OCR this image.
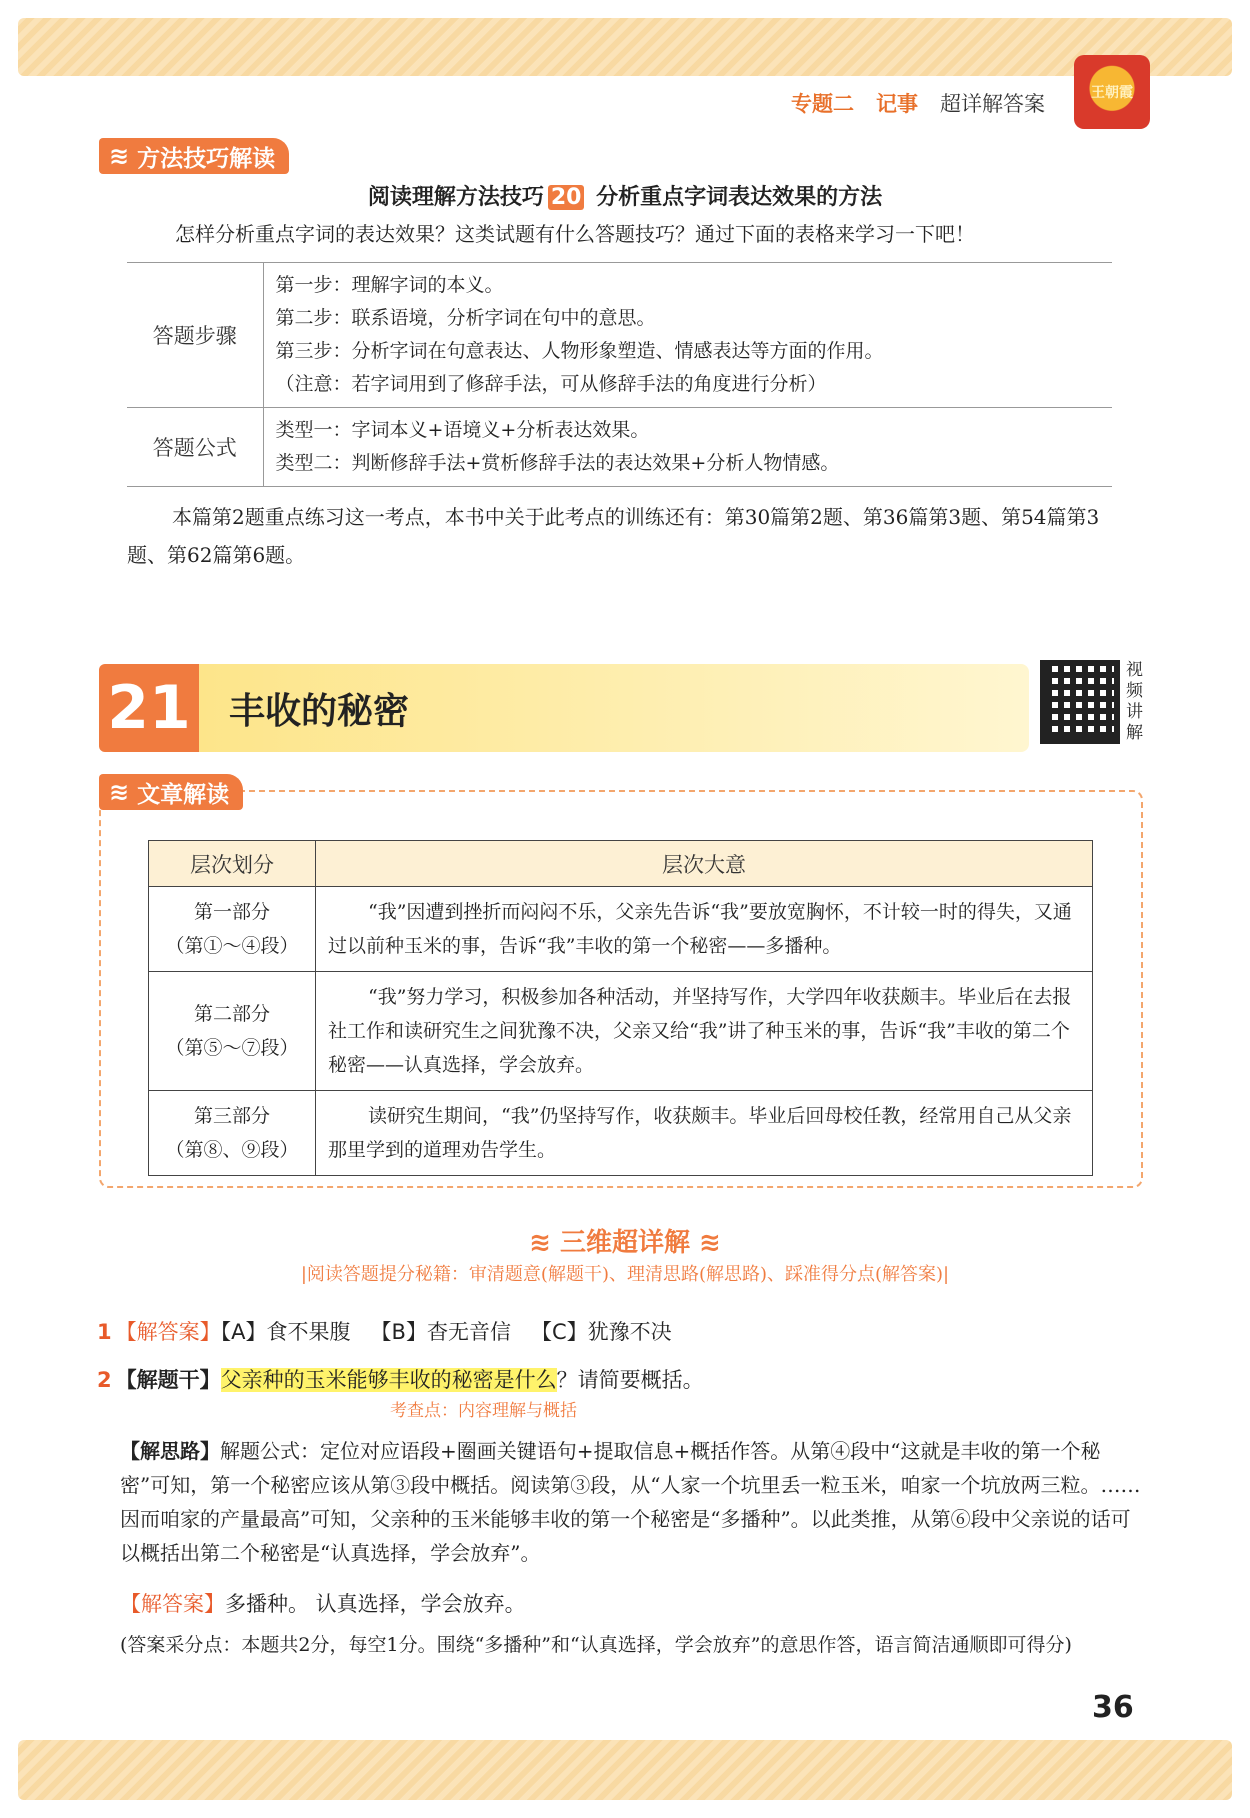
专题二 记事 超详解答案	王朝霞
≋ 方法技巧解读
阅读理解方法技巧 20 分析重点字词表达效果的方法
怎样分析重点字词的表达效果？这类试题有什么答题技巧？通过下面的表格来学习一下吧！
答题步骤	第一步：理解字词的本义。
第二步：联系语境，分析字词在句中的意思。
第三步：分析字词在句意表达、人物形象塑造、情感表达等方面的作用。
（注意：若字词用到了修辞手法，可从修辞手法的角度进行分析）

答题公式	类型一：字词本义+语境义+分析表达效果。
类型二：判断修辞手法+赏析修辞手法的表达效果+分析人物情感。
本篇第2题重点练习这一考点，本书中关于此考点的训练还有：第30篇第2题、第36篇第3题、第54篇第3题、第62篇第6题。
21 丰收的秘密
视频讲解
≋ 文章解读
层次划分	层次大意

第一部分
（第①～④段）	“我”因遭到挫折而闷闷不乐，父亲先告诉“我”要放宽胸怀，不计较一时的得失，又通过以前种玉米的事，告诉“我”丰收的第一个秘密——多播种。

第二部分
（第⑤～⑦段）	“我”努力学习，积极参加各种活动，并坚持写作，大学四年收获颇丰。毕业后在去报社工作和读研究生之间犹豫不决，父亲又给“我”讲了种玉米的事，告诉“我”丰收的第二个秘密——认真选择，学会放弃。

第三部分
（第⑧、⑨段）	读研究生期间，“我”仍坚持写作，收获颇丰。毕业后回母校任教，经常用自己从父亲那里学到的道理劝告学生。
≋ 三维超详解 ≋
|阅读答题提分秘籍：审清题意(解题干)、理清思路(解思路)、踩准得分点(解答案)|
1 【解答案】【A】食不果腹 【B】杳无音信 【C】犹豫不决
2 【解题干】父亲种的玉米能够丰收的秘密是什么？请简要概括。
考查点：内容理解与概括
【解思路】解题公式：定位对应语段+圈画关键语句+提取信息+概括作答。从第④段中“这就是丰收的第一个秘密”可知，第一个秘密应该从第③段中概括。阅读第③段，从“人家一个坑里丢一粒玉米，咱家一个坑放两三粒。……因而咱家的产量最高”可知，父亲种的玉米能够丰收的第一个秘密是“多播种”。以此类推，从第⑥段中父亲说的话可以概括出第二个秘密是“认真选择，学会放弃”。
【解答案】多播种。 认真选择，学会放弃。
(答案采分点：本题共2分，每空1分。围绕“多播种”和“认真选择，学会放弃”的意思作答，语言简洁通顺即可得分)
36
